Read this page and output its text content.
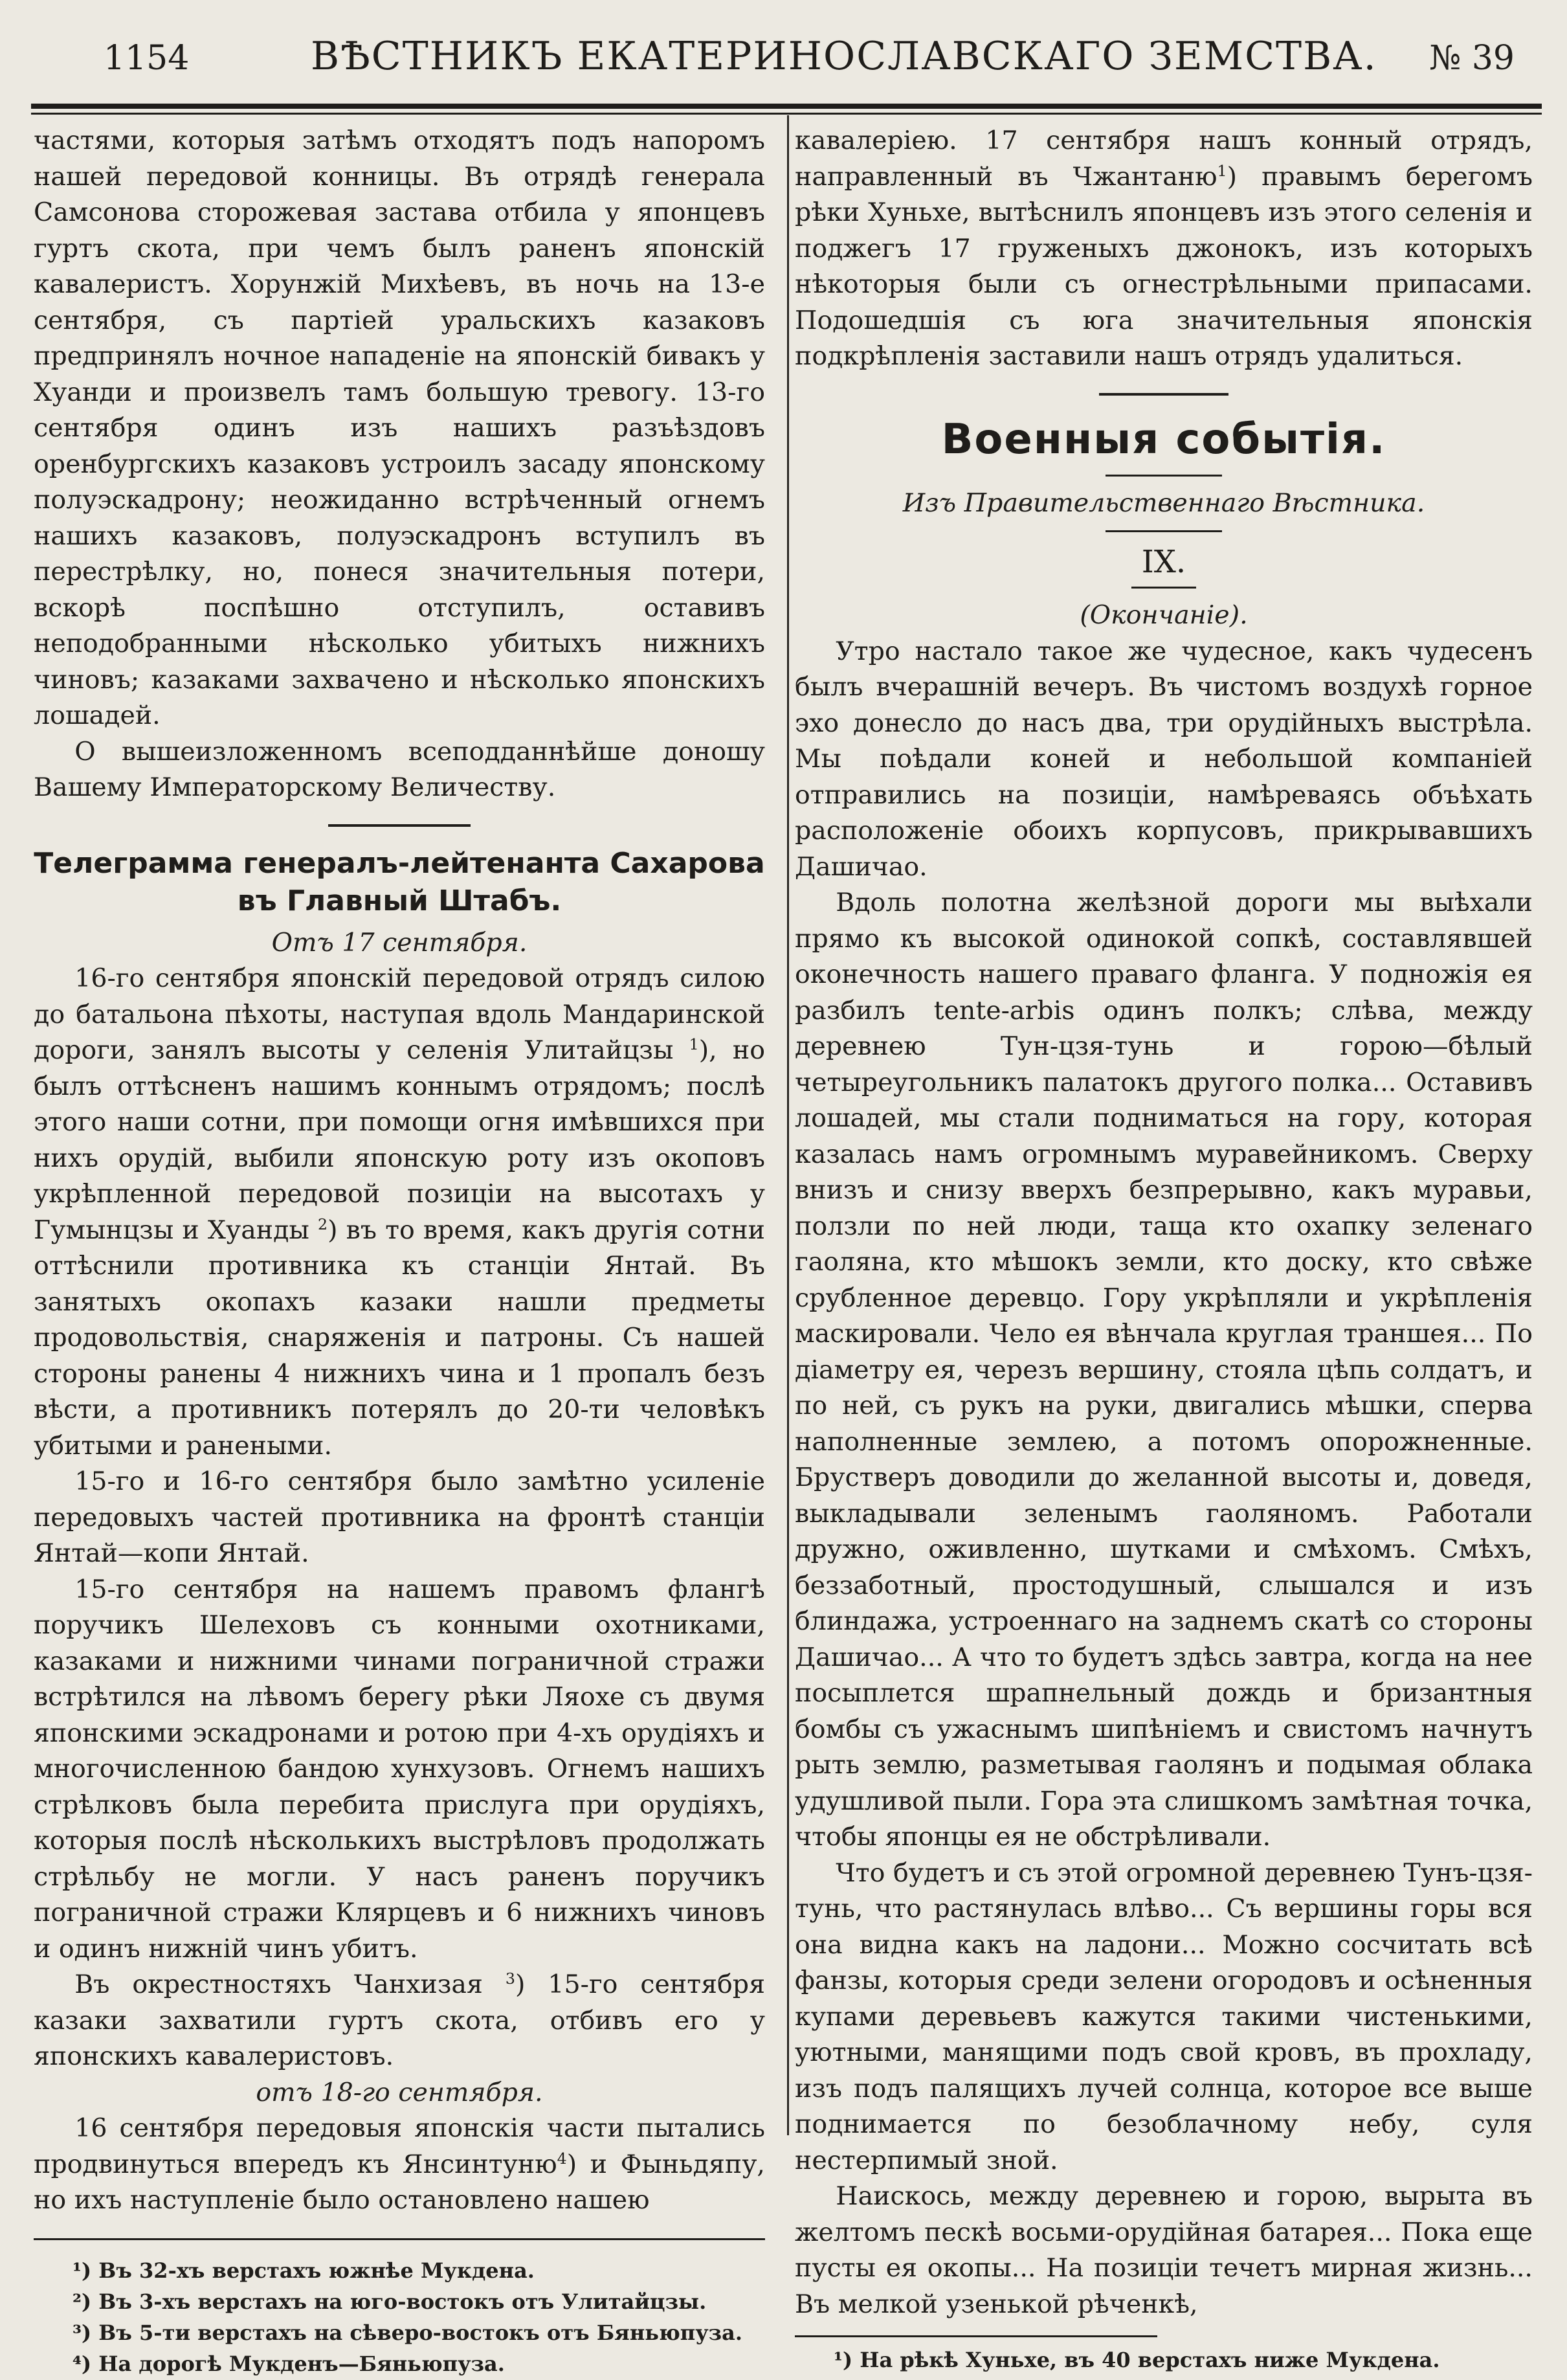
1154	ВѢСТНИКЪ ЕКАТЕРИНОСЛАВСКАГО ЗЕМСТВА. № 39

частями, которыя затѣмъ отходятъ подъ напоромъ нашей передовой конницы. Въ отрядѣ генерала Самсонова сторожевая застава отбила у японцевъ гуртъ скота, при чемъ былъ раненъ японскій кавалеристъ. Хорунжій Михѣевъ, въ ночь на 13-е сентября, съ партіей уральскихъ казаковъ предпринялъ ночное нападеніе на японскій бивакъ у Хуанди и произвелъ тамъ большую тревогу. 13-го сентября одинъ изъ нашихъ разъѣздовъ оренбургскихъ казаковъ устроилъ засаду японскому полуэскадрону; неожиданно встрѣченный огнемъ нашихъ казаковъ, полуэскадронъ вступилъ въ перестрѣлку, но, понеся значительныя потери, вскорѣ поспѣшно отступилъ, оставивъ неподобранными нѣсколько убитыхъ нижнихъ чиновъ; казаками захвачено и нѣсколько японскихъ лошадей.

О вышеизложенномъ всеподданнѣйше доношу Вашему Императорскому Величеству.

Телеграмма генералъ-лейтенанта Сахарова въ Главный Штабъ.

Отъ 17 сентября.

16-го сентября японскій передовой отрядъ силою до батальона пѣхоты, наступая вдоль Мандаринской дороги, занялъ высоты у селенія Улитайцзы $^1$), но былъ оттѣсненъ нашимъ коннымъ отрядомъ; послѣ этого наши сотни, при помощи огня имѣвшихся при нихъ орудій, выбили японскую роту изъ окоповъ укрѣпленной передовой позиціи на высотахъ у Гумынцзы и Хуанды $^2$) въ то время, какъ другія сотни оттѣснили противника къ станціи Янтай. Въ занятыхъ окопахъ казаки нашли предметы продовольствія, снаряженія и патроны. Съ нашей стороны ранены 4 нижнихъ чина и 1 пропалъ безъ вѣсти, а противникъ потерялъ до 20-ти человѣкъ убитыми и ранеными.

15-го и 16-го сентября было замѣтно усиленіе передовыхъ частей противника на фронтѣ станціи Янтай—копи Янтай.

15-го сентября на нашемъ правомъ флангѣ поручикъ Шелеховъ съ конными охотниками, казаками и нижними чинами пограничной стражи встрѣтился на лѣвомъ берегу рѣки Ляохе съ двумя японскими эскадронами и ротою при 4-хъ орудіяхъ и многочисленною бандою хунхузовъ. Огнемъ нашихъ стрѣлковъ была перебита прислуга при орудіяхъ, которыя послѣ нѣсколькихъ выстрѣловъ продолжать стрѣльбу не могли. У насъ раненъ поручикъ пограничной стражи Клярцевъ и 6 нижнихъ чиновъ и одинъ нижній чинъ убитъ.

Въ окрестностяхъ Чанхизая $^3$) 15-го сентября казаки захватили гуртъ скота, отбивъ его у японскихъ кавалеристовъ.

отъ 18-го сентября.

16 сентября передовыя японскія части пытались продвинуться впередъ къ Янсинтуню$^4$) и Фыньдяпу, но ихъ наступленіе было остановлено нашею

¹) Въ 32-хъ верстахъ южнѣе Мукдена.

²) Въ 3-хъ верстахъ на юго-востокъ отъ Улитайцзы.

³) Въ 5-ти верстахъ на сѣверо-востокъ отъ Бяньюпуза.

⁴) На дорогѣ Мукденъ—Бяньюпуза.

кавалеріею. 17 сентября нашъ конный отрядъ, направленный въ Чжантаню$^1$) правымъ берегомъ рѣки Хуньхе, вытѣснилъ японцевъ изъ этого селенія и поджегъ 17 груженыхъ джонокъ, изъ которыхъ нѣкоторыя были съ огнестрѣльными припасами. Подошедшія съ юга значительныя японскія подкрѣпленія заставили нашъ отрядъ удалиться.

Военныя событія.

Изъ Правительственнаго Вѣстника.

IX.

(Окончаніе).

Утро настало такое же чудесное, какъ чудесенъ былъ вчерашній вечеръ. Въ чистомъ воздухѣ горное эхо донесло до насъ два, три орудійныхъ выстрѣла. Мы поѣдали коней и небольшой компаніей отправились на позиціи, намѣреваясь объѣхать расположеніе обоихъ корпусовъ, прикрывавшихъ Дашичао.

Вдоль полотна желѣзной дороги мы выѣхали прямо къ высокой одинокой сопкѣ, составлявшей оконечность нашего праваго фланга. У подножія ея разбилъ tente-arbis одинъ полкъ; слѣва, между деревнею Тун-цзя-тунь и горою—бѣлый четыреугольникъ палатокъ другого полка... Оставивъ лошадей, мы стали подниматься на гору, которая казалась намъ огромнымъ муравейникомъ. Сверху внизъ и снизу вверхъ безпрерывно, какъ муравьи, ползли по ней люди, таща кто охапку зеленаго гаоляна, кто мѣшокъ земли, кто доску, кто свѣже срубленное деревцо. Гору укрѣпляли и укрѣпленія маскировали. Чело ея вѣнчала круглая траншея... По діаметру ея, черезъ вершину, стояла цѣпь солдатъ, и по ней, съ рукъ на руки, двигались мѣшки, сперва наполненные землею, а потомъ опорожненные. Брустверъ доводили до желанной высоты и, доведя, выкладывали зеленымъ гаоляномъ. Работали дружно, оживленно, шутками и смѣхомъ. Смѣхъ, беззаботный, простодушный, слышался и изъ блиндажа, устроеннаго на заднемъ скатѣ со стороны Дашичао... А что то будетъ здѣсь завтра, когда на нее посыплется шрапнельный дождь и бризантныя бомбы съ ужаснымъ шипѣніемъ и свистомъ начнутъ рыть землю, разметывая гаолянъ и подымая облака удушливой пыли. Гора эта слишкомъ замѣтная точка, чтобы японцы ея не обстрѣливали.

Что будетъ и съ этой огромной деревнею Тунъ-цзя-тунь, что растянулась влѣво... Съ вершины горы вся она видна какъ на ладони... Можно сосчитать всѣ фанзы, которыя среди зелени огородовъ и осѣненныя купами деревьевъ кажутся такими чистенькими, уютными, манящими подъ свой кровъ, въ прохладу, изъ подъ палящихъ лучей солнца, которое все выше поднимается по безоблачному небу, суля нестерпимый зной.

Наискось, между деревнею и горою, вырыта въ желтомъ пескѣ восьми-орудійная батарея... Пока еще пусты ея окопы... На позиціи течетъ мирная жизнь... Въ мелкой узенькой рѣченкѣ,

¹) На рѣкѣ Хуньхе, въ 40 верстахъ ниже Мукдена.
